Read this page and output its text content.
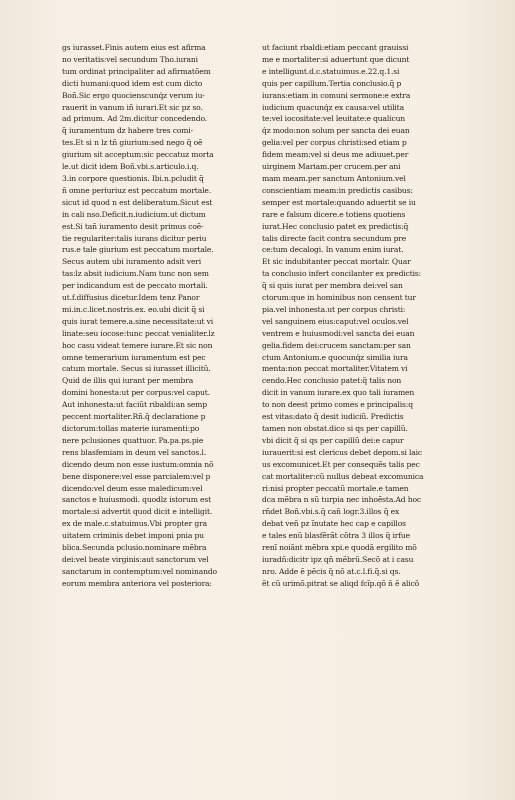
gs iurasset.Finis autem eius est afirma
no veritatis:vel secundum Tho.iurani
tum ordinat principaliter ad afirmatõem
dicti humani:quod idem est cum dicto
Boñ.Sic ergo quocienscunq́z verum iu-
rauerit in vanum iñ iurari.Et sic pz so.
ad primum. Ad 2m.dicitur concedendo.
q̃ iuramentum dz habere tres comi-
tes.Et si n lz tñ giurium:sed nego q̃ oẽ
giurium sit acceptum:sic peccatuz morta
le.ut dicit idem Boñ.vbi.s.articulo.i.q.
3.in corpore questionis. Ibi.n.pcludit q̃
ñ omne periuriuz est peccatum mortale.
sicut id quod n est deliberatum.Sicut est
in cali nso.Deficit.n.iudicium.ut dictum
est.Si tañ iuramento desit primus coẽ-
tie regulariter:talis iurans dicitur periu
rus.e tale giurium est peccatum mortale.
Secus autem ubi iuramento adsit veri
tas:lz absit iudicium.Nam tunc non sem
per indicandum est de peccato mortali.
ut.f.diffusius dicetur.Idem tenz Panor
mi.in.c.licet.nostris.ex. eo.ubi dicit q̃ si
quis iurat temere.a.sine necessitate:ut vi
linate:seu iocose:tunc peccat venialiter.lz
hoc casu videat temere iurare.Et sic non
omne temerarium iuramentum est pec
catum mortale. Secus si iurasset illicitũ.
Quid de illis qui iurant per membra
domini honesta:ut per corpus:vel caput.
Aut inhonesta:ut faciũt ribaldi:an semp
peccent mortaliter.Rñ.q̃ declaratione p
dictorum:tollas materie iuramenti:po
nere pclusiones quattuor. Pa.pa.ps.pie
rens blasfemiam in deum vel sanctos.l.
dicendo deum non esse iustum:omnia nõ
bene disponere:vel esse parcialem:vel p
dicendo:vel deum esse maledicum:vel
sanctos e huiusmodi. quodlz istorum est
mortale:si advertit quod dicit e intelligit.
ex de male.c.statuimus.Vbi propter gra
uitatem criminis debet imponi pnia pu
blica.Secunda pclusio.nominare mẽbra
dei:vel beate virginis:aut sanctorum vel
sanctarum in contemptum:vel nominando
eorum membra anteriora vel posteriora:
ut faciunt rbaldi:etiam peccant grauissi
me e mortaliter:si aduertunt que dicunt
e intelligunt.d.c.statuimus.e.22.q.1.si
quis per capillum.Tertia conclusio.q̃ p
iurans:etiam in comuni sermone:e extra
iudicium quacunq́z ex causa:vel utilita
te:vel iocositate:vel leuitate:e qualicun
q́z modo:non solum per sancta dei euan
gelia:vel per corpus christi:sed etiam p
fidem meam:vel si deus me adiuuet.per
uirginem Mariam.per crucem.per ani
mam meam.per sanctum Antonium.vel
conscientiam meam:in predictis casibus:
semper est mortale:quando aduertit se iu
rare e falsum dicere.e totiens quotiens
iurat.Hec conclusio patet ex predictis:q̃
talis directe facit contra secundum pre
ce:tum decalogi. In vanum enim iurat.
Et sic indubitanter peccat mortalr. Quar
ta conclusio infert concilanter ex predictis:
q̃ si quis iurat per membra dei:vel san
ctorum:que in hominibus non censent tur
pia.vel inhonesta.ut per corpus christi:
vel sanguinem eius:caput:vel oculos.vel
ventrem e huiusmodi:vel sancta dei euan
gelia.fidem dei:crucem sanctam:per san
ctum Antonium.e quocunq́z similia iura
menta:non peccat mortaliter.Vitatem vi
cendo.Hec conclusio patet:q̃ talis non
dicit in vanum iurare.ex quo tali iuramen
to non deest primo comes e principalis:q
est vitas:dato q̃ desit iudiciũ. Predictis
tamen non obstat.dico si qs per capillũ.
vbi dicit q̃ si qs per capillũ dei:e capur
iurauerit:si est clericus debet depom.si laic
us excomunicet.Et per consequẽs talis pec
cat mortaliter:cũ nullus debeat excomunica
ri:nisi propter peccatũ mortale.e tamen
dca mẽbra n sũ turpia nec inhoẽsta.Ad hoc
rñdet Boñ.vbi.s.q̃ cañ logr.3.illos q̃ ex
debat veñ pz ĩnutate hec cap e capillos
e tales enũ blasfẽrãt cõtra 3 illos q̃ irfue
renĩ noiãnt mẽbra xpi.e quodã ergilito mõ
iuradñ:dicitr ipz qñ mẽbrũ.Secõ at i casu
nro. Adde ẽ pẽcis q̃ nõ at.c.l.fi.q̃.si qs.
ẽt cũ urimõ.pitrat se aliqd fcĩp.qõ ñ ẽ alicõ
